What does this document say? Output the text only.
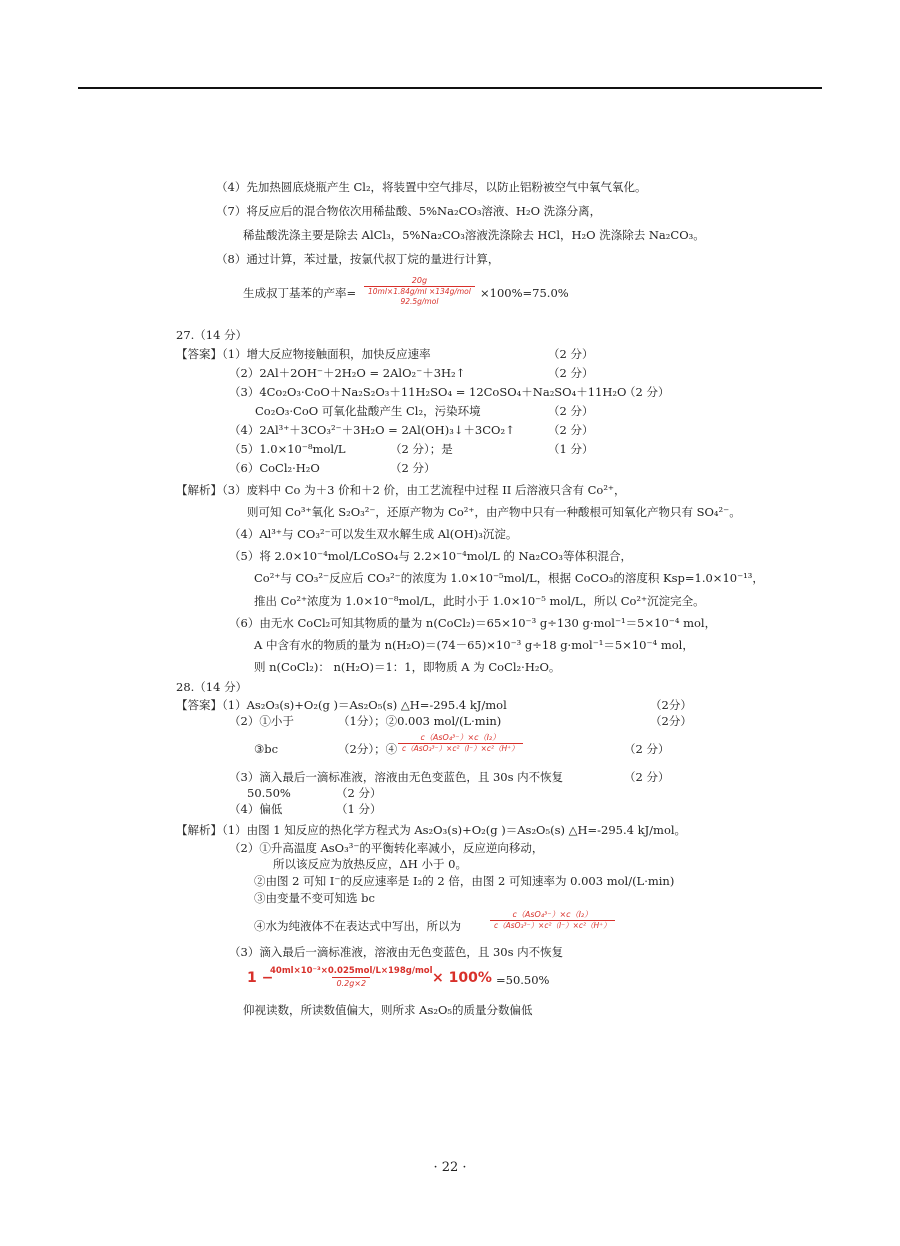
（4）先加热圆底烧瓶产生 Cl₂，将装置中空气排尽，以防止铝粉被空气中氧气氧化。
（7）将反应后的混合物依次用稀盐酸、5%Na₂CO₃溶液、H₂O 洗涤分离，
稀盐酸洗涤主要是除去 AlCl₃，5%Na₂CO₃溶液洗涤除去 HCl，H₂O 洗涤除去 Na₂CO₃。
（8）通过计算，苯过量，按氯代叔丁烷的量进行计算，
生成叔丁基苯的产率=
20g
10ml×1.84g/ml ×134g/mol
92.5g/mol
×100%=75.0%
27.（14 分）
【答案】（1）增大反应物接触面积，加快反应速率	（2 分）
（2）2Al＋2OH⁻＋2H₂O = 2AlO₂⁻＋3H₂↑	（2 分）
（3）4Co₂O₃·CoO＋Na₂S₂O₃＋11H₂SO₄ = 12CoSO₄＋Na₂SO₄＋11H₂O
（2 分）
Co₂O₃·CoO 可氧化盐酸产生 Cl₂，污染环境	（2 分）
（4）2Al³⁺＋3CO₃²⁻＋3H₂O = 2Al(OH)₃↓＋3CO₂↑	（2 分）
（5）1.0×10⁻⁸mol/L	（2 分）；是	（1 分）
（6）CoCl₂·H₂O	（2 分）
【解析】（3）废料中 Co 为＋3 价和＋2 价，由工艺流程中过程 II 后溶液只含有 Co²⁺，
则可知 Co³⁺氧化 S₂O₃²⁻，还原产物为 Co²⁺，由产物中只有一种酸根可知氧化产物只有 SO₄²⁻。
（4）Al³⁺与 CO₃²⁻可以发生双水解生成 Al(OH)₃沉淀。
（5）将 2.0×10⁻⁴mol/LCoSO₄与 2.2×10⁻⁴mol/L 的 Na₂CO₃等体积混合，
Co²⁺与 CO₃²⁻反应后 CO₃²⁻的浓度为 1.0×10⁻⁵mol/L，根据 CoCO₃的溶度积 Ksp=1.0×10⁻¹³，
推出 Co²⁺浓度为 1.0×10⁻⁸mol/L，此时小于 1.0×10⁻⁵ mol/L，所以 Co²⁺沉淀完全。
（6）由无水 CoCl₂可知其物质的量为 n(CoCl₂)＝65×10⁻³ g÷130 g·mol⁻¹＝5×10⁻⁴ mol，
A 中含有水的物质的量为 n(H₂O)＝(74－65)×10⁻³ g÷18 g·mol⁻¹＝5×10⁻⁴ mol，
则 n(CoCl₂)： n(H₂O)＝1：1，即物质 A 为 CoCl₂·H₂O。
28.（14 分）
【答案】（1）As₂O₃(s)+O₂(g )＝As₂O₅(s) △H=-295.4 kJ/mol	（2分）
（2）①小于	（1分）；②0.003 mol/(L·min)	（2分）
③bc	（2分）；④
c（AsO₄³⁻）×c（I₂）
c（AsO₃³⁻）×c²（I⁻）×c²（H⁺）	（2 分）
（3）滴入最后一滴标准液，溶液由无色变蓝色，且 30s 内不恢复	（2 分）
50.50%	（2 分）
（4）偏低	（1 分）
【解析】（1）由图 1 知反应的热化学方程式为 As₂O₃(s)+O₂(g )＝As₂O₅(s) △H=-295.4 kJ/mol。
（2）①升高温度 AsO₃³⁻的平衡转化率减小，反应逆向移动，
所以该反应为放热反应，ΔH 小于 0。
②由图 2 可知 I⁻的反应速率是 I₂的 2 倍，由图 2 可知速率为 0.003 mol/(L·min)
③由变量不变可知选 bc
④水为纯液体不在表达式中写出，所以为
c（AsO₄³⁻）×c（I₂）
c（AsO₃³⁻）×c²（I⁻）×c²（H⁺）
（3）滴入最后一滴标准液，溶液由无色变蓝色，且 30s 内不恢复
1 −
40ml×10⁻³×0.025mol/L×198g/mol
0.2g×2	× 100% =50.50%
仰视读数，所读数值偏大，则所求 As₂O₅的质量分数偏低
· 22 ·
